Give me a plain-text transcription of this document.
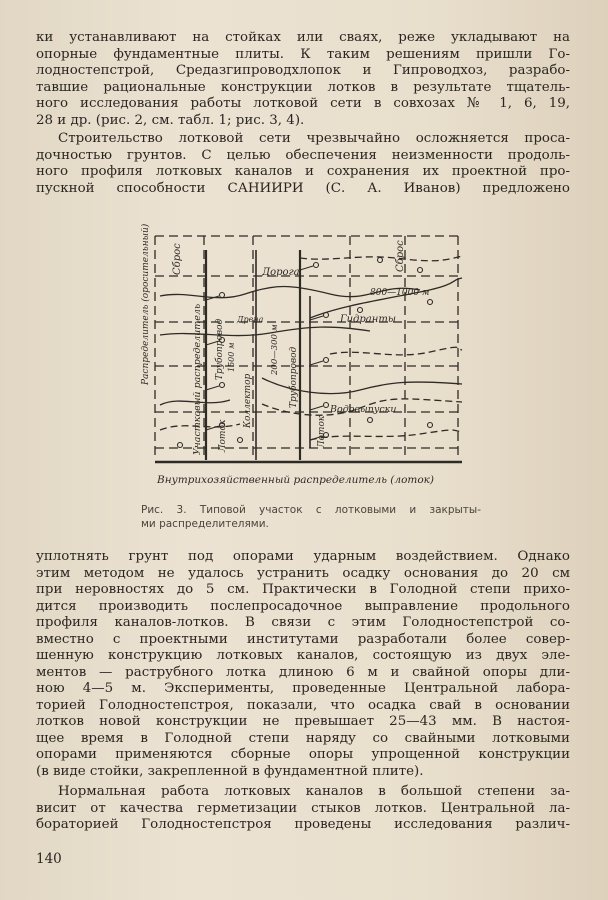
ки устанавливают на стойках или сваях, реже укладывают на
опорные фундаментные плиты. К таким решениям пришли Го-
лодностепстрой, Средазгипроводхлопок и Гипроводхоз, разрабо-
тавшие рациональные конструкции лотков в результате тщатель-
ного исследования работы лотковой сети в совхозах № 1, 6, 19,
28 и др. (рис. 2, см. табл. 1; рис. 3, 4).
Строительство лотковой сети чрезвычайно осложняется просa-
дочностью грунтов. С целью обеспечения неизменности продоль-
ного профиля лотковых каналов и сохранения их проектной про-
пускной способности САНИИРИ (С. А. Иванов) предложено
Сброс	Сброс
Дорога
800—1000 м
Дрена	Гидранты
Водовыпуски
Распределитель (оросительный)	Участковый распределитель Лоток
Трубопровод 1500 м
Коллектор
200—300 м Трубопровод
Лоток
Внутрихозяйственный распределитель (лоток)
Рис. 3. Типовой участок с лотковыми и закрыты-
ми распределителями.
уплотнять грунт под опорами ударным воздействием. Однако
этим методом не удалось устранить осадку основания до 20 см
при неровностях до 5 см. Практически в Голодной степи прихо-
дится производить послепросадочное выправление продольного
профиля каналов-лотков. В связи с этим Голодностепстрой со-
вместно с проектными институтами разработали более совер-
шенную конструкцию лотковых каналов, состоящую из двух эле-
ментов — раструбного лотка длиною 6 м и свайной опоры дли-
ною 4—5 м. Эксперименты, проведенные Центральной лабора-
торией Голодностепстроя, показали, что осадка свай в основании
лотков новой конструкции не превышает 25—43 мм. В настоя-
щее время в Голодной степи наряду со свайными лотковыми
опорами применяются сборные опоры упрощенной конструкции
(в виде стойки, закрепленной в фундаментной плите).
Нормальная работа лотковых каналов в большой степени за-
висит от качества герметизации стыков лотков. Центральной ла-
бораторией Голодностепстроя проведены исследования различ-
140
